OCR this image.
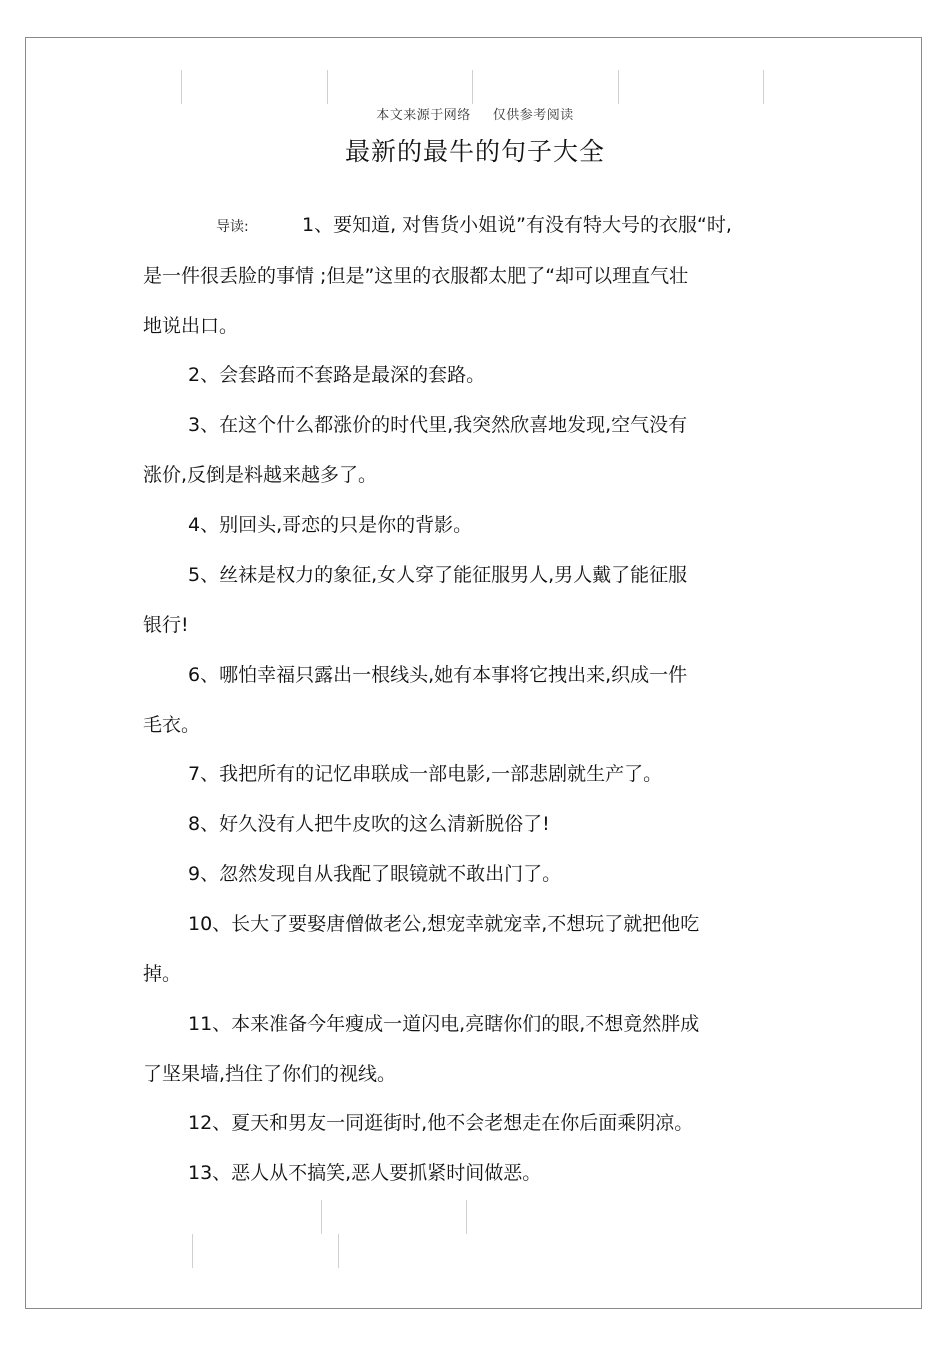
本文来源于网络 仅供参考阅读
最新的最牛的句子大全
导读:	1、要知道, 对售货小姐说”有没有特大号的衣服“时,
是一件很丢脸的事情 ;但是”这里的衣服都太肥了“却可以理直气壮
地说出口。
2、会套路而不套路是最深的套路。
3、在这个什么都涨价的时代里,我突然欣喜地发现,空气没有
涨价,反倒是料越来越多了。
4、别回头,哥恋的只是你的背影。
5、丝袜是权力的象征,女人穿了能征服男人,男人戴了能征服
银行!
6、哪怕幸福只露出一根线头,她有本事将它拽出来,织成一件
毛衣。
7、我把所有的记忆串联成一部电影,一部悲剧就生产了。
8、好久没有人把牛皮吹的这么清新脱俗了!
9、忽然发现自从我配了眼镜就不敢出门了。
10、长大了要娶唐僧做老公,想宠幸就宠幸,不想玩了就把他吃
掉。
11、本来准备今年瘦成一道闪电,亮瞎你们的眼,不想竟然胖成
了坚果墙,挡住了你们的视线。
12、夏天和男友一同逛街时,他不会老想走在你后面乘阴凉。
13、恶人从不搞笑,恶人要抓紧时间做恶。
